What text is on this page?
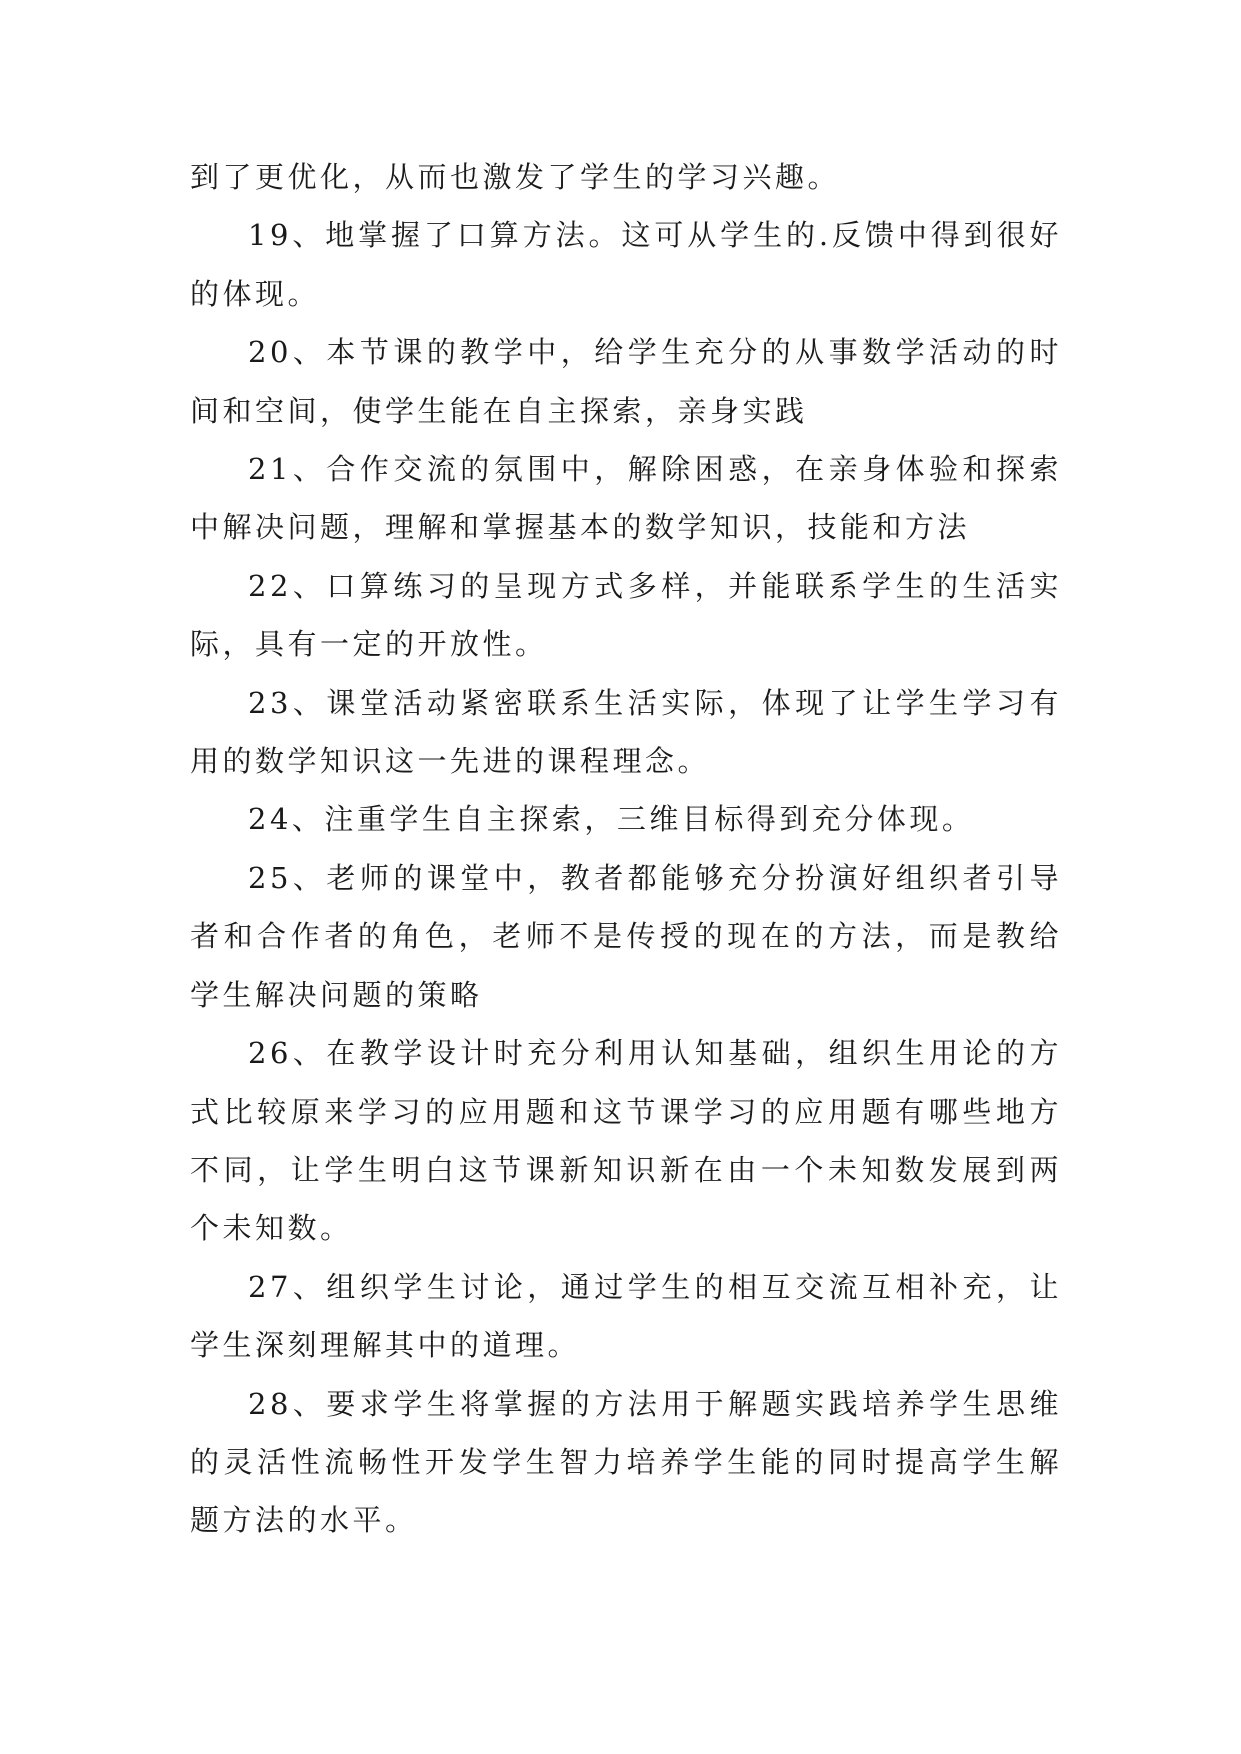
到了更优化，从而也激发了学生的学习兴趣。

19、地掌握了口算方法。这可从学生的.反馈中得到很好的体现。

20、本节课的教学中，给学生充分的从事数学活动的时间和空间，使学生能在自主探索，亲身实践

21、合作交流的氛围中，解除困惑，在亲身体验和探索中解决问题，理解和掌握基本的数学知识，技能和方法

22、口算练习的呈现方式多样，并能联系学生的生活实际，具有一定的开放性。

23、课堂活动紧密联系生活实际，体现了让学生学习有用的数学知识这一先进的课程理念。

24、注重学生自主探索，三维目标得到充分体现。

25、老师的课堂中，教者都能够充分扮演好组织者引导者和合作者的角色，老师不是传授的现在的方法，而是教给学生解决问题的策略

26、在教学设计时充分利用认知基础，组织生用论的方式比较原来学习的应用题和这节课学习的应用题有哪些地方不同，让学生明白这节课新知识新在由一个未知数发展到两个未知数。

27、组织学生讨论，通过学生的相互交流互相补充，让学生深刻理解其中的道理。

28、要求学生将掌握的方法用于解题实践培养学生思维的灵活性流畅性开发学生智力培养学生能的同时提高学生解题方法的水平。
